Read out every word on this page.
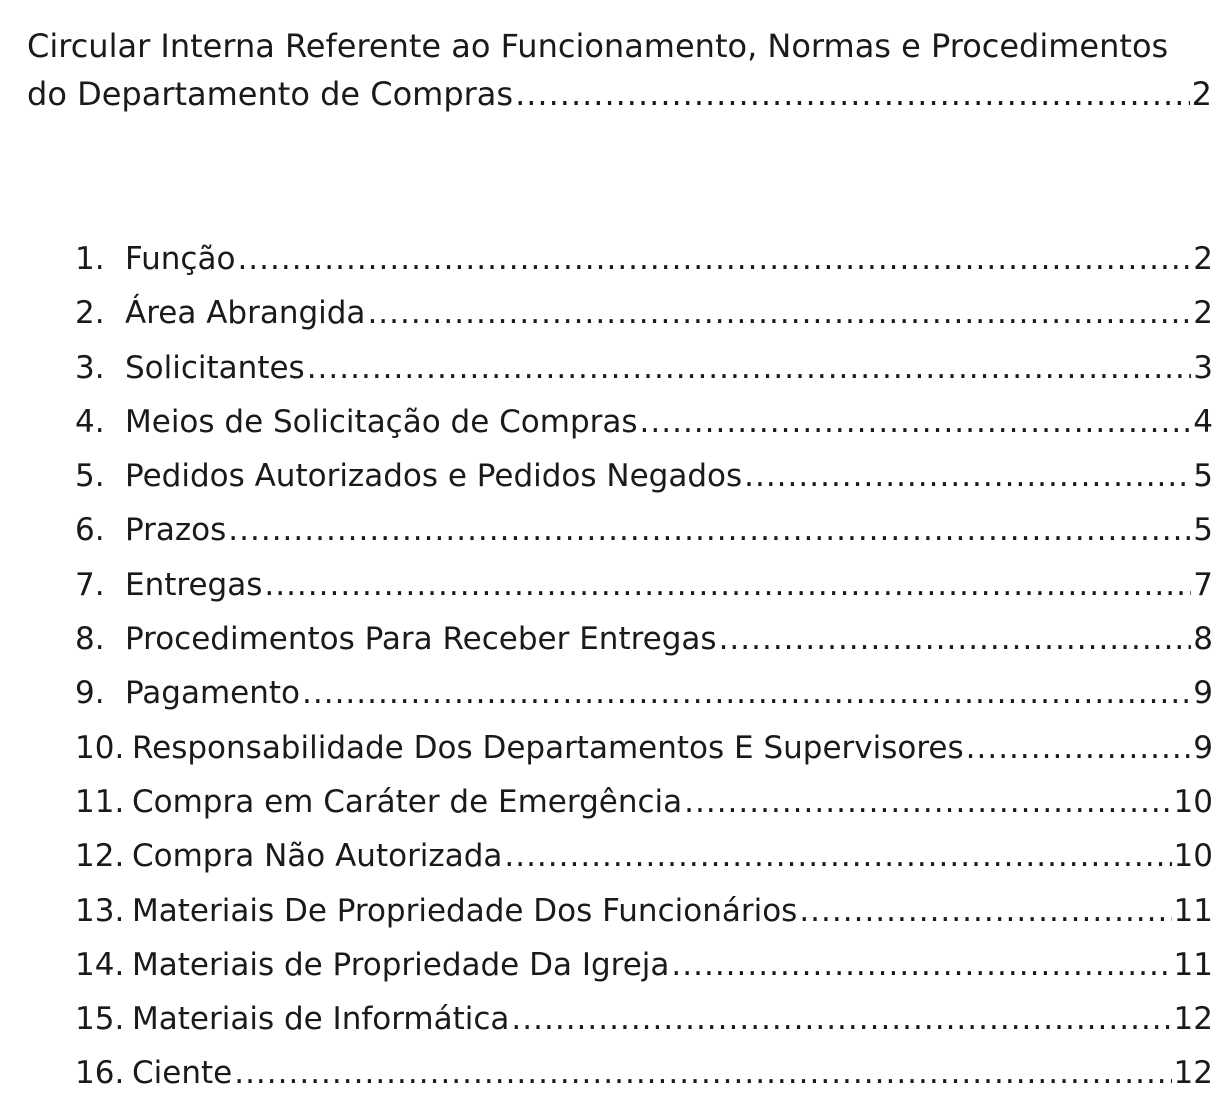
Circular Interna Referente ao Funcionamento, Normas e Procedimentos
do Departamento de Compras .....	2
1. Função .....	2
2. Área Abrangida .....	2
3. Solicitantes .....	3
4. Meios de Solicitação de Compras .....	4
5. Pedidos Autorizados e Pedidos Negados .....	5
6. Prazos .....	5
7. Entregas .....	7
8. Procedimentos Para Receber Entregas .....	8
9. Pagamento .....	9
10. Responsabilidade Dos Departamentos E Supervisores .....	9
11. Compra em Caráter de Emergência .....	10
12. Compra Não Autorizada .....	10
13. Materiais De Propriedade Dos Funcionários .....	11
14. Materiais de Propriedade Da Igreja .....	11
15. Materiais de Informática .....	12
16. Ciente .....	12
